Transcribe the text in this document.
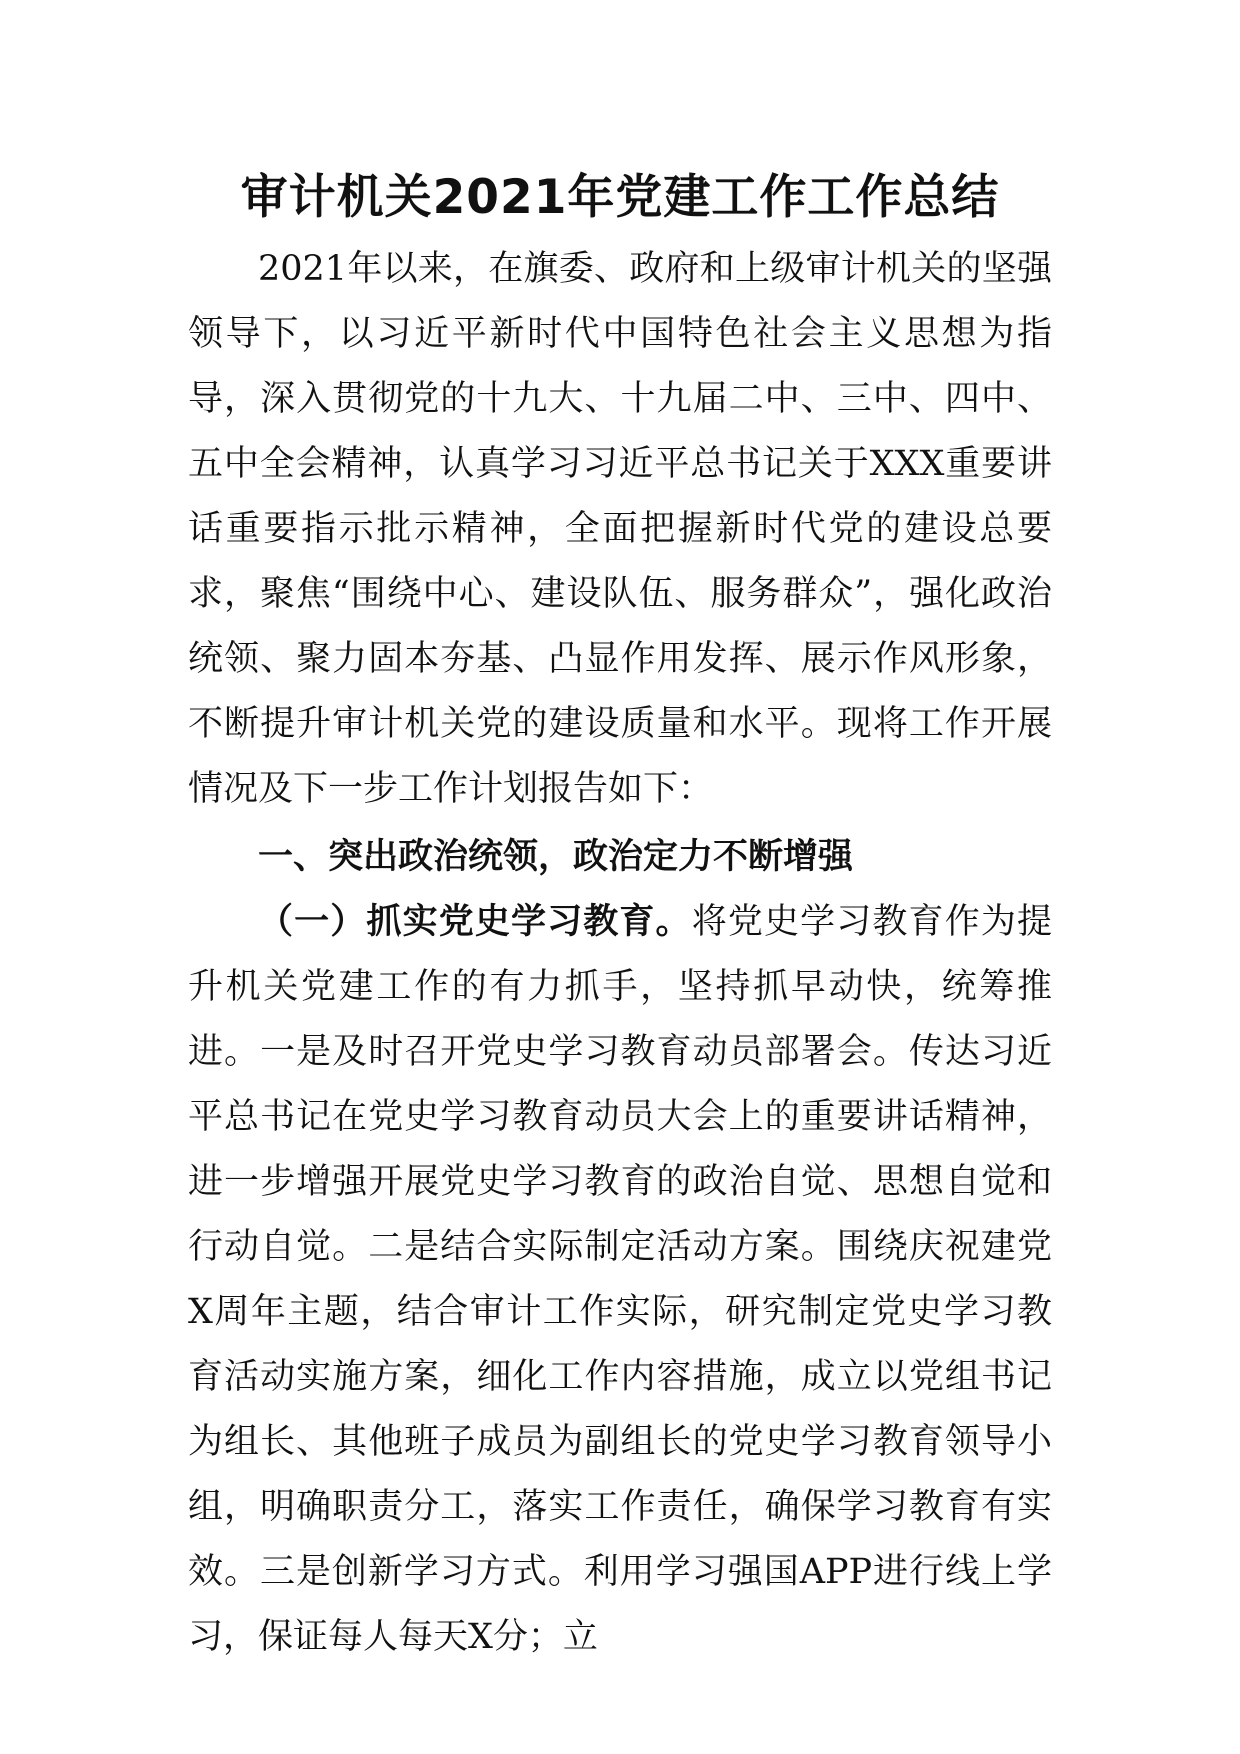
审计机关2021年党建工作工作总结

2021年以来，在旗委、政府和上级审计机关的坚强领导下，以习近平新时代中国特色社会主义思想为指导，深入贯彻党的十九大、十九届二中、三中、四中、五中全会精神，认真学习习近平总书记关于XXX重要讲话重要指示批示精神，全面把握新时代党的建设总要求，聚焦“围绕中心、建设队伍、服务群众”，强化政治统领、聚力固本夯基、凸显作用发挥、展示作风形象，不断提升审计机关党的建设质量和水平。现将工作开展情况及下一步工作计划报告如下：

一、突出政治统领，政治定力不断增强

（一）抓实党史学习教育。将党史学习教育作为提升机关党建工作的有力抓手，坚持抓早动快，统筹推进。一是及时召开党史学习教育动员部署会。传达习近平总书记在党史学习教育动员大会上的重要讲话精神，进一步增强开展党史学习教育的政治自觉、思想自觉和行动自觉。二是结合实际制定活动方案。围绕庆祝建党X周年主题，结合审计工作实际，研究制定党史学习教育活动实施方案，细化工作内容措施，成立以党组书记为组长、其他班子成员为副组长的党史学习教育领导小组，明确职责分工，落实工作责任，确保学习教育有实效。三是创新学习方式。利用学习强国APP进行线上学习，保证每人每天X分；立
